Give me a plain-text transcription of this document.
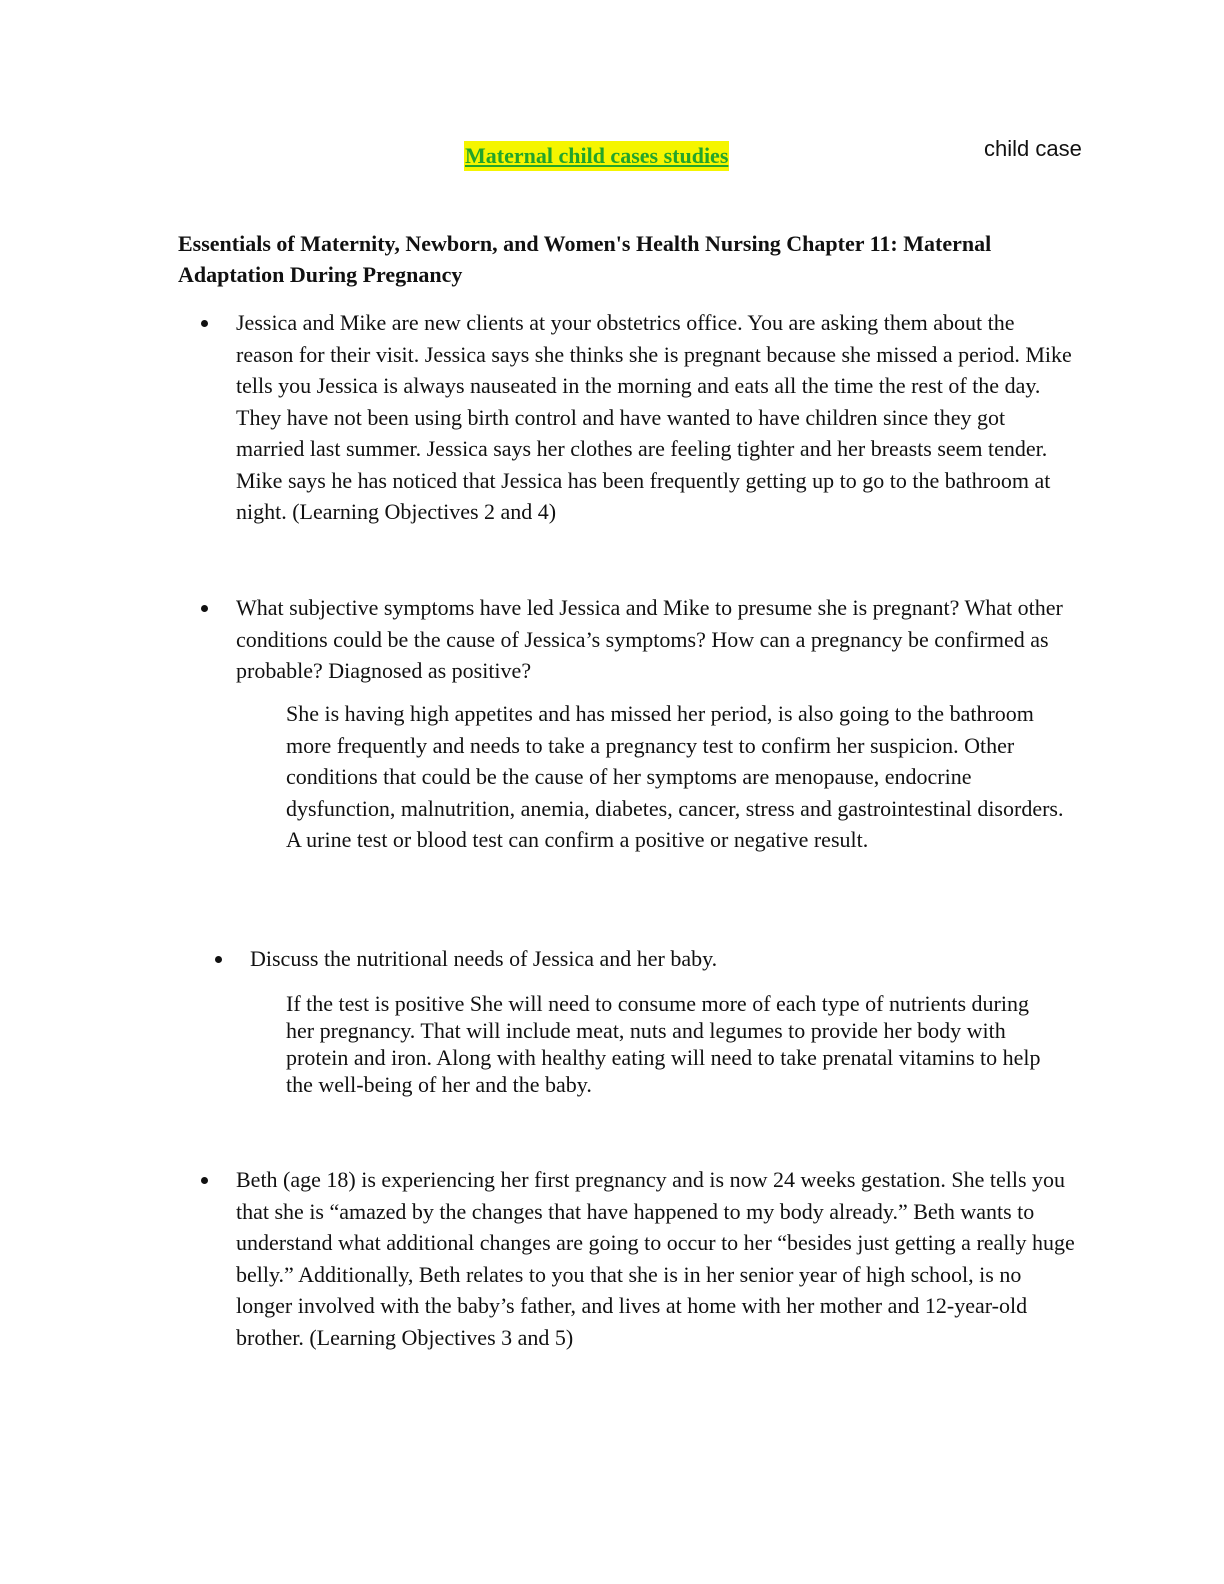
Maternal child cases studies	child case
Essentials of Maternity, Newborn, and Women's Health Nursing Chapter 11: Maternal Adaptation During Pregnancy
Jessica and Mike are new clients at your obstetrics office. You are asking them about the reason for their visit. Jessica says she thinks she is pregnant because she missed a period. Mike tells you Jessica is always nauseated in the morning and eats all the time the rest of the day. They have not been using birth control and have wanted to have children since they got married last summer. Jessica says her clothes are feeling tighter and her breasts seem tender. Mike says he has noticed that Jessica has been frequently getting up to go to the bathroom at night. (Learning Objectives 2 and 4)
What subjective symptoms have led Jessica and Mike to presume she is pregnant? What other conditions could be the cause of Jessica’s symptoms? How can a pregnancy be confirmed as probable? Diagnosed as positive?
She is having high appetites and has missed her period, is also going to the bathroom more frequently and needs to take a pregnancy test to confirm her suspicion. Other conditions that could be the cause of her symptoms are menopause, endocrine dysfunction, malnutrition, anemia, diabetes, cancer, stress and gastrointestinal disorders. A urine test or blood test can confirm a positive or negative result.
Discuss the nutritional needs of Jessica and her baby.
If the test is positive She will need to consume more of each type of nutrients during her pregnancy. That will include meat, nuts and legumes to provide her body with protein and iron. Along with healthy eating will need to take prenatal vitamins to help the well-being of her and the baby.
Beth (age 18) is experiencing her first pregnancy and is now 24 weeks gestation. She tells you that she is “amazed by the changes that have happened to my body already.” Beth wants to understand what additional changes are going to occur to her “besides just getting a really huge belly.” Additionally, Beth relates to you that she is in her senior year of high school, is no longer involved with the baby’s father, and lives at home with her mother and 12-year-old brother. (Learning Objectives 3 and 5)
